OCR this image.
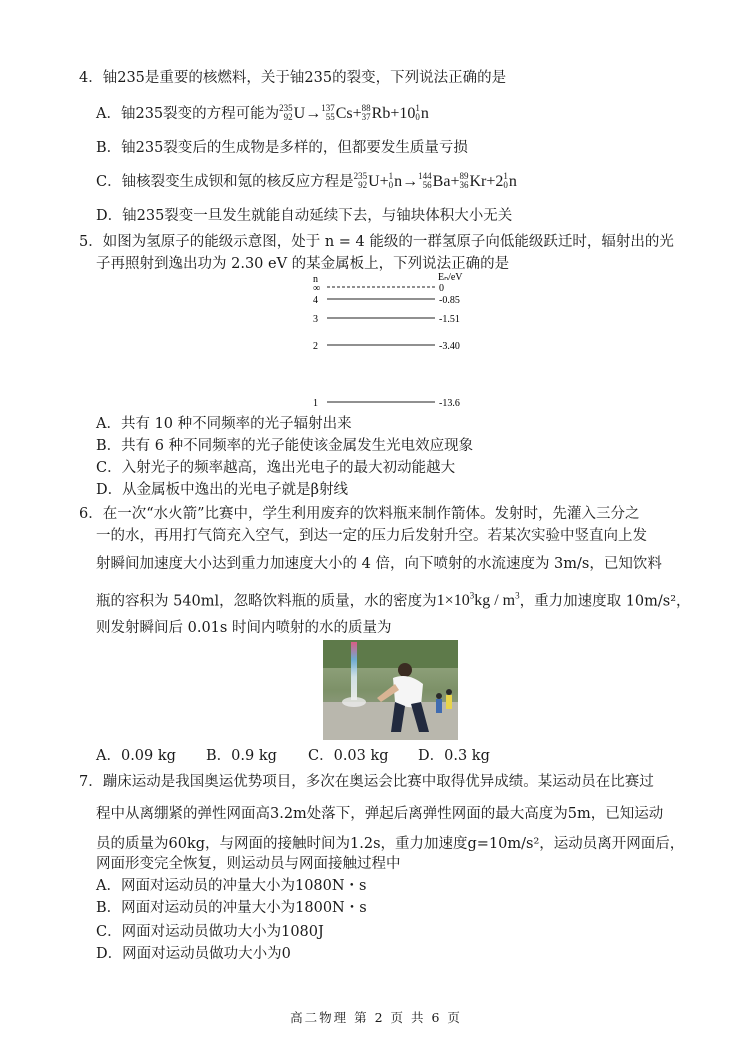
4．铀235是重要的核燃料，关于铀235的裂变，下列说法正确的是
A．铀235裂变的方程可能为 235
92 U→ 137
55 Cs+ 88
37 Rb+10 1
0 n
B．铀235裂变后的生成物是多样的，但都要发生质量亏损
C．铀核裂变生成钡和氪的核反应方程是 235
92 U+ 1
0 n→ 144
56 Ba+ 89
36 Kr+2 1
0 n
D．铀235裂变一旦发生就能自动延续下去，与铀块体积大小无关
5．如图为氢原子的能级示意图，处于 n = 4 能级的一群氢原子向低能级跃迁时，辐射出的光
子再照射到逸出功为 2.30 eV 的某金属板上，下列说法正确的是
n	Eₙ/eV
∞	0
4	-0.85
3	-1.51
2	-3.40
1	-13.6
A．共有 10 种不同频率的光子辐射出来
B．共有 6 种不同频率的光子能使该金属发生光电效应现象
C．入射光子的频率越高，逸出光电子的最大初动能越大
D．从金属板中逸出的光电子就是β射线
6．在一次“水火箭”比赛中，学生利用废弃的饮料瓶来制作箭体。发射时，先灌入三分之
一的水，再用打气筒充入空气，到达一定的压力后发射升空。若某次实验中竖直向上发
射瞬间加速度大小达到重力加速度大小的 4 倍，向下喷射的水流速度为 3m/s，已知饮料
瓶的容积为 540ml，忽略饮料瓶的质量，水的密度为$1\times 10^3kg / m^3$，重力加速度取 10m/s²，
则发射瞬间后 0.01s 时间内喷射的水的质量为
A．0.09 kg B．0.9 kg C．0.03 kg D．0.3 kg
7．蹦床运动是我国奥运优势项目，多次在奥运会比赛中取得优异成绩。某运动员在比赛过
程中从离绷紧的弹性网面高3.2m处落下，弹起后离弹性网面的最大高度为5m，已知运动
员的质量为60kg，与网面的接触时间为1.2s，重力加速度g=10m/s²，运动员离开网面后，
网面形变完全恢复，则运动员与网面接触过程中
A．网面对运动员的冲量大小为1080N・s
B．网面对运动员的冲量大小为1800N・s
C．网面对运动员做功大小为1080J
D．网面对运动员做功大小为0
高二物理 第 2 页 共 6 页
